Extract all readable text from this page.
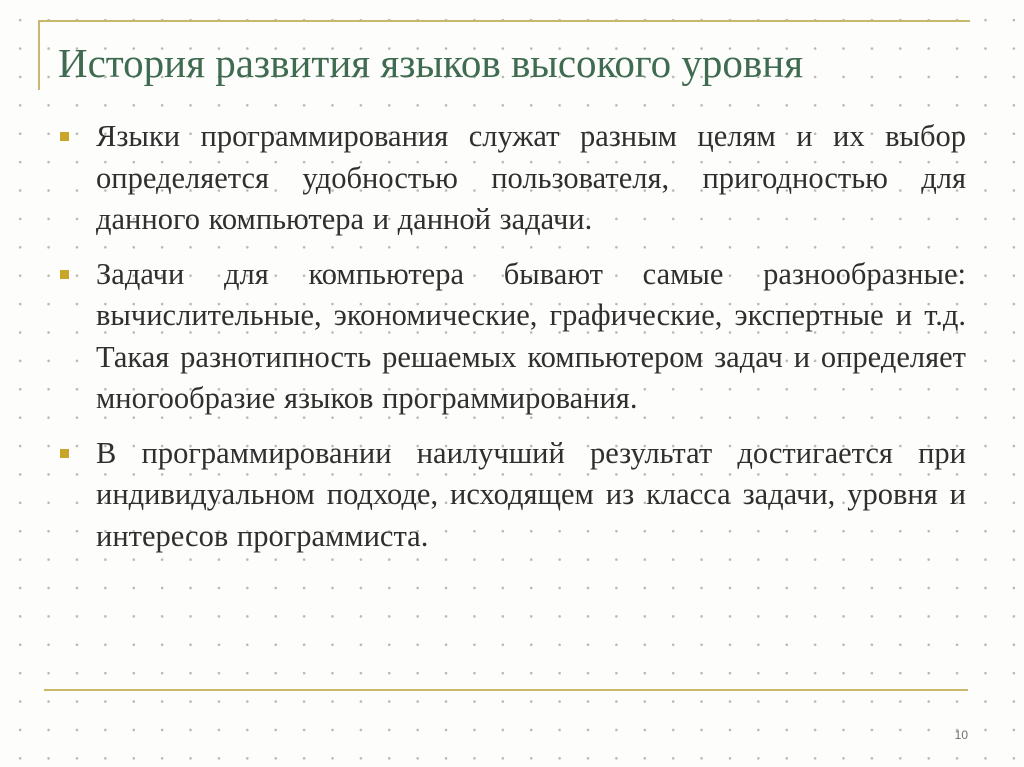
История развития языков высокого уровня

Языки программирования служат разным целям и их выбор определяется удобностью пользователя, пригодностью для данного компьютера и данной задачи.

Задачи для компьютера бывают самые разнообразные: вычислительные, экономические, графические, экспертные и т.д. Такая разнотипность решаемых компьютером задач и определяет многообразие языков программирования.

В программировании наилучший результат достигается при индивидуальном подходе, исходящем из класса задачи, уровня и интересов программиста.

10
